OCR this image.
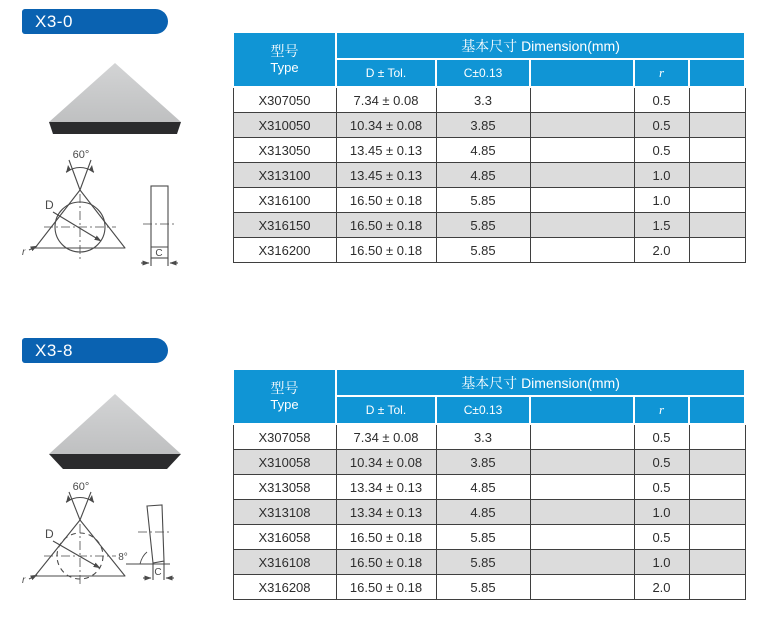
X3-0
60°
D
r	C
型号
Type	基本尺寸 Dimension(mm)				
	D ± Tol.	C±0.13		r	
X307050	7.34 ± 0.08	3.3		0.5	
X310050	10.34 ± 0.08	3.85		0.5	
X313050	13.45 ± 0.13	4.85		0.5	
X313100	13.45 ± 0.13	4.85		1.0	
X316100	16.50 ± 0.18	5.85		1.0	
X316150	16.50 ± 0.18	5.85		1.5	
X316200	16.50 ± 0.18	5.85		2.0	
X3-8
60°
D
r
8°
C
型号
Type	基本尺寸 Dimension(mm)				
	D ± Tol.	C±0.13		r	
X307058	7.34 ± 0.08	3.3		0.5	
X310058	10.34 ± 0.08	3.85		0.5	
X313058	13.34 ± 0.13	4.85		0.5	
X313108	13.34 ± 0.13	4.85		1.0	
X316058	16.50 ± 0.18	5.85		0.5	
X316108	16.50 ± 0.18	5.85		1.0	
X316208	16.50 ± 0.18	5.85		2.0	
